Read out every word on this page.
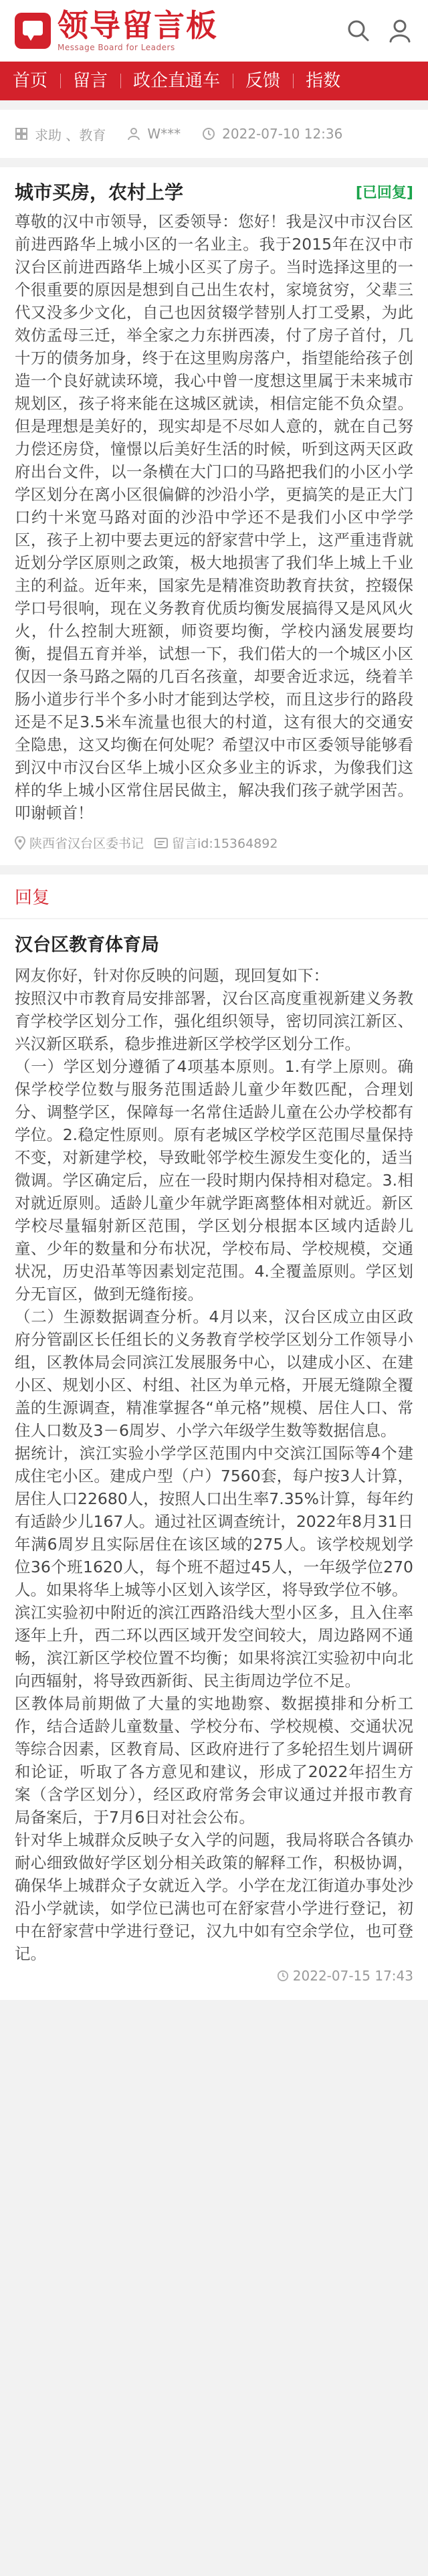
领导留言板
Message Board for Leaders
首页	留言	政企直通车	反馈	指数
求助 、教育	W***	2022-07-10 12:36
城市买房，农村上学	[已回复]
尊敬的汉中市领导，区委领导：您好！我是汉中市汉台区前进西路华上城小区的一名业主。我于2015年在汉中市汉台区前进西路华上城小区买了房子。当时选择这里的一个很重要的原因是想到自己出生农村，家境贫穷，父辈三代又没多少文化，自己也因贫辍学替别人打工受累，为此效仿孟母三迁，举全家之力东拼西凑，付了房子首付，几十万的债务加身，终于在这里购房落户，指望能给孩子创造一个良好就读环境，我心中曾一度想这里属于未来城市规划区，孩子将来能在这城区就读，相信定能不负众望。但是理想是美好的，现实却是不尽如人意的，就在自己努力偿还房贷，憧憬以后美好生活的时候，听到这两天区政府出台文件，以一条横在大门口的马路把我们的小区小学学区划分在离小区很偏僻的沙沿小学，更搞笑的是正大门口约十米宽马路对面的沙沿中学还不是我们小区中学学区，孩子上初中要去更远的舒家营中学上，这严重违背就近划分学区原则之政策，极大地损害了我们华上城上千业主的利益。近年来，国家先是精准资助教育扶贫，控辍保学口号很响，现在义务教育优质均衡发展搞得又是风风火火，什么控制大班额，师资要均衡，学校内涵发展要均衡，提倡五育并举，试想一下，我们偌大的一个城区小区仅因一条马路之隔的几百名孩童，却要舍近求远，绕着羊肠小道步行半个多小时才能到达学校，而且这步行的路段还是不足3.5米车流量也很大的村道，这有很大的交通安全隐患，这又均衡在何处呢？希望汉中市区委领导能够看到汉中市汉台区华上城小区众多业主的诉求，为像我们这样的华上城小区常住居民做主，解决我们孩子就学困苦。叩谢顿首！
陕西省汉台区委书记 留言id:15364892
回复
汉台区教育体育局
网友你好，针对你反映的问题，现回复如下：
按照汉中市教育局安排部署，汉台区高度重视新建义务教育学校学区划分工作，强化组织领导，密切同滨江新区、兴汉新区联系，稳步推进新区学校学区划分工作。
（一）学区划分遵循了4项基本原则。1.有学上原则。确保学校学位数与服务范围适龄儿童少年数匹配，合理划分、调整学区，保障每一名常住适龄儿童在公办学校都有学位。2.稳定性原则。原有老城区学校学区范围尽量保持不变，对新建学校，导致毗邻学校生源发生变化的，适当微调。学区确定后，应在一段时期内保持相对稳定。3.相对就近原则。适龄儿童少年就学距离整体相对就近。新区学校尽量辐射新区范围，学区划分根据本区域内适龄儿童、少年的数量和分布状况，学校布局、学校规模，交通状况，历史沿革等因素划定范围。4.全覆盖原则。学区划分无盲区，做到无缝衔接。
（二）生源数据调查分析。4月以来，汉台区成立由区政府分管副区长任组长的义务教育学校学区划分工作领导小组，区教体局会同滨江发展服务中心，以建成小区、在建小区、规划小区、村组、社区为单元格，开展无缝隙全覆盖的生源调查，精准掌握各“单元格”规模、居住人口、常住人口数及3－6周岁、小学六年级学生数等数据信息。
据统计，滨江实验小学学区范围内中交滨江国际等4个建成住宅小区。建成户型（户）7560套，每户按3人计算，居住人口22680人，按照人口出生率7.35%计算，每年约有适龄少儿167人。通过社区调查统计，2022年8月31日年满6周岁且实际居住在该区域的275人。该学校规划学位36个班1620人，每个班不超过45人，一年级学位270人。如果将华上城等小区划入该学区，将导致学位不够。
滨江实验初中附近的滨江西路沿线大型小区多，且入住率逐年上升，西二环以西区域开发空间较大，周边路网不通畅，滨江新区学校位置不均衡；如果将滨江实验初中向北向西辐射，将导致西新街、民主街周边学位不足。
区教体局前期做了大量的实地勘察、数据摸排和分析工作，结合适龄儿童数量、学校分布、学校规模、交通状况等综合因素，区教育局、区政府进行了多轮招生划片调研和论证，听取了各方意见和建议，形成了2022年招生方案（含学区划分），经区政府常务会审议通过并报市教育局备案后，于7月6日对社会公布。
针对华上城群众反映子女入学的问题，我局将联合各镇办耐心细致做好学区划分相关政策的解释工作，积极协调，确保华上城群众子女就近入学。小学在龙江街道办事处沙沿小学就读，如学位已满也可在舒家营小学进行登记，初中在舒家营中学进行登记，汉九中如有空余学位，也可登记。
2022-07-15 17:43
